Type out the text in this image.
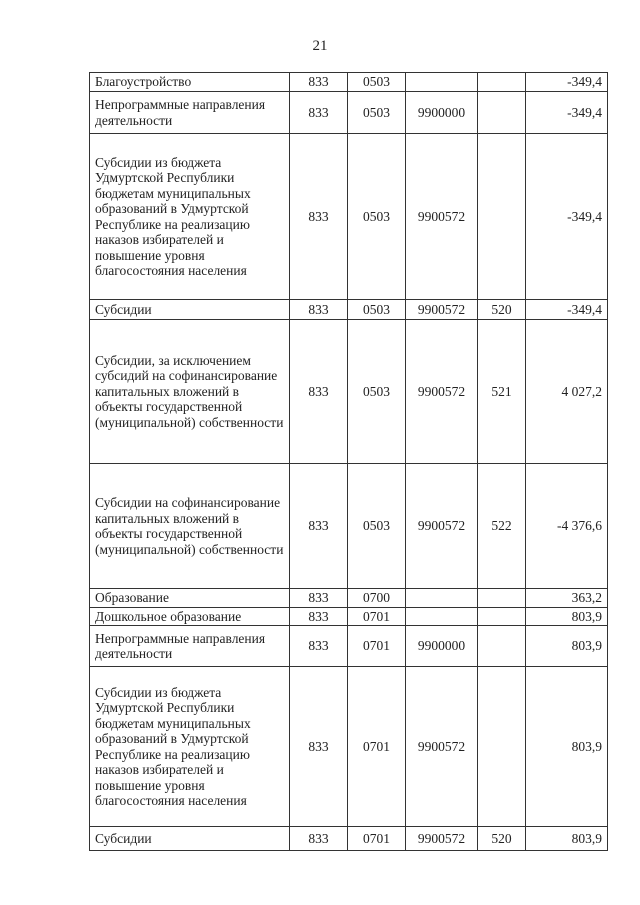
21
Благоустройство	833	0503			-349,4
Непрограммные направления деятельности	833	0503	9900000		-349,4
Субсидии из бюджета Удмуртской Республики бюджетам муниципальных образований в Удмуртской Республике на реализацию наказов избирателей и повышение уровня благосостояния населения	833	0503	9900572		-349,4
Субсидии	833	0503	9900572	520	-349,4
Субсидии, за исключением субсидий на софинансирование капитальных вложений в объекты государственной (муниципальной) собственности	833	0503	9900572	521	4 027,2
Субсидии на софинансирование капитальных вложений в объекты государственной (муниципальной) собственности	833	0503	9900572	522	-4 376,6
Образование	833	0700			363,2
Дошкольное образование	833	0701			803,9
Непрограммные направления деятельности	833	0701	9900000		803,9
Субсидии из бюджета Удмуртской Республики бюджетам муниципальных образований в Удмуртской Республике на реализацию наказов избирателей и повышение уровня благосостояния населения	833	0701	9900572		803,9
Субсидии	833	0701	9900572	520	803,9
